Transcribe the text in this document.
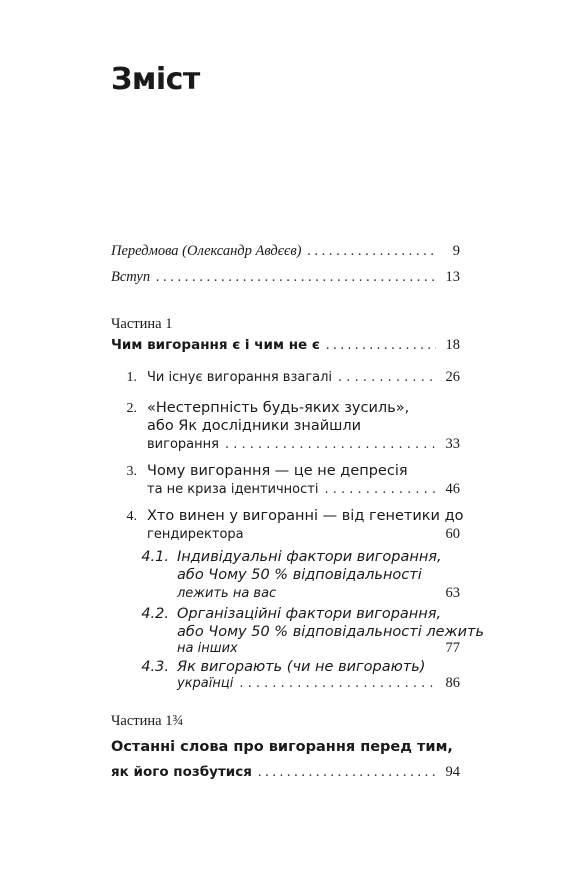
Зміст
Передмова (Олександр Авдєєв) . . .	9
Вступ . . .	13
Частина 1
Чим вигорання є і чим не є . . .	18
1. Чи існує вигорання взагалі . . .	26
2. «Нестерпність будь-яких зусиль»,
або Як дослідники знайшли
вигорання . . .	33
3. Чому вигорання — це не депресія
та не криза ідентичності . . .	46
4. Хто винен у вигоранні — від генетики до
гендиректора	60
4.1. Індивідуальні фактори вигорання,
або Чому 50 % відповідальності
лежить на вас	63
4.2. Організаційні фактори вигорання,
або Чому 50 % відповідальності лежить
на інших	77
4.3. Як вигорають (чи не вигорають)
українці . . .	86
Частина 1¾
Останні слова про вигорання перед тим,
як його позбутися . . .	94
